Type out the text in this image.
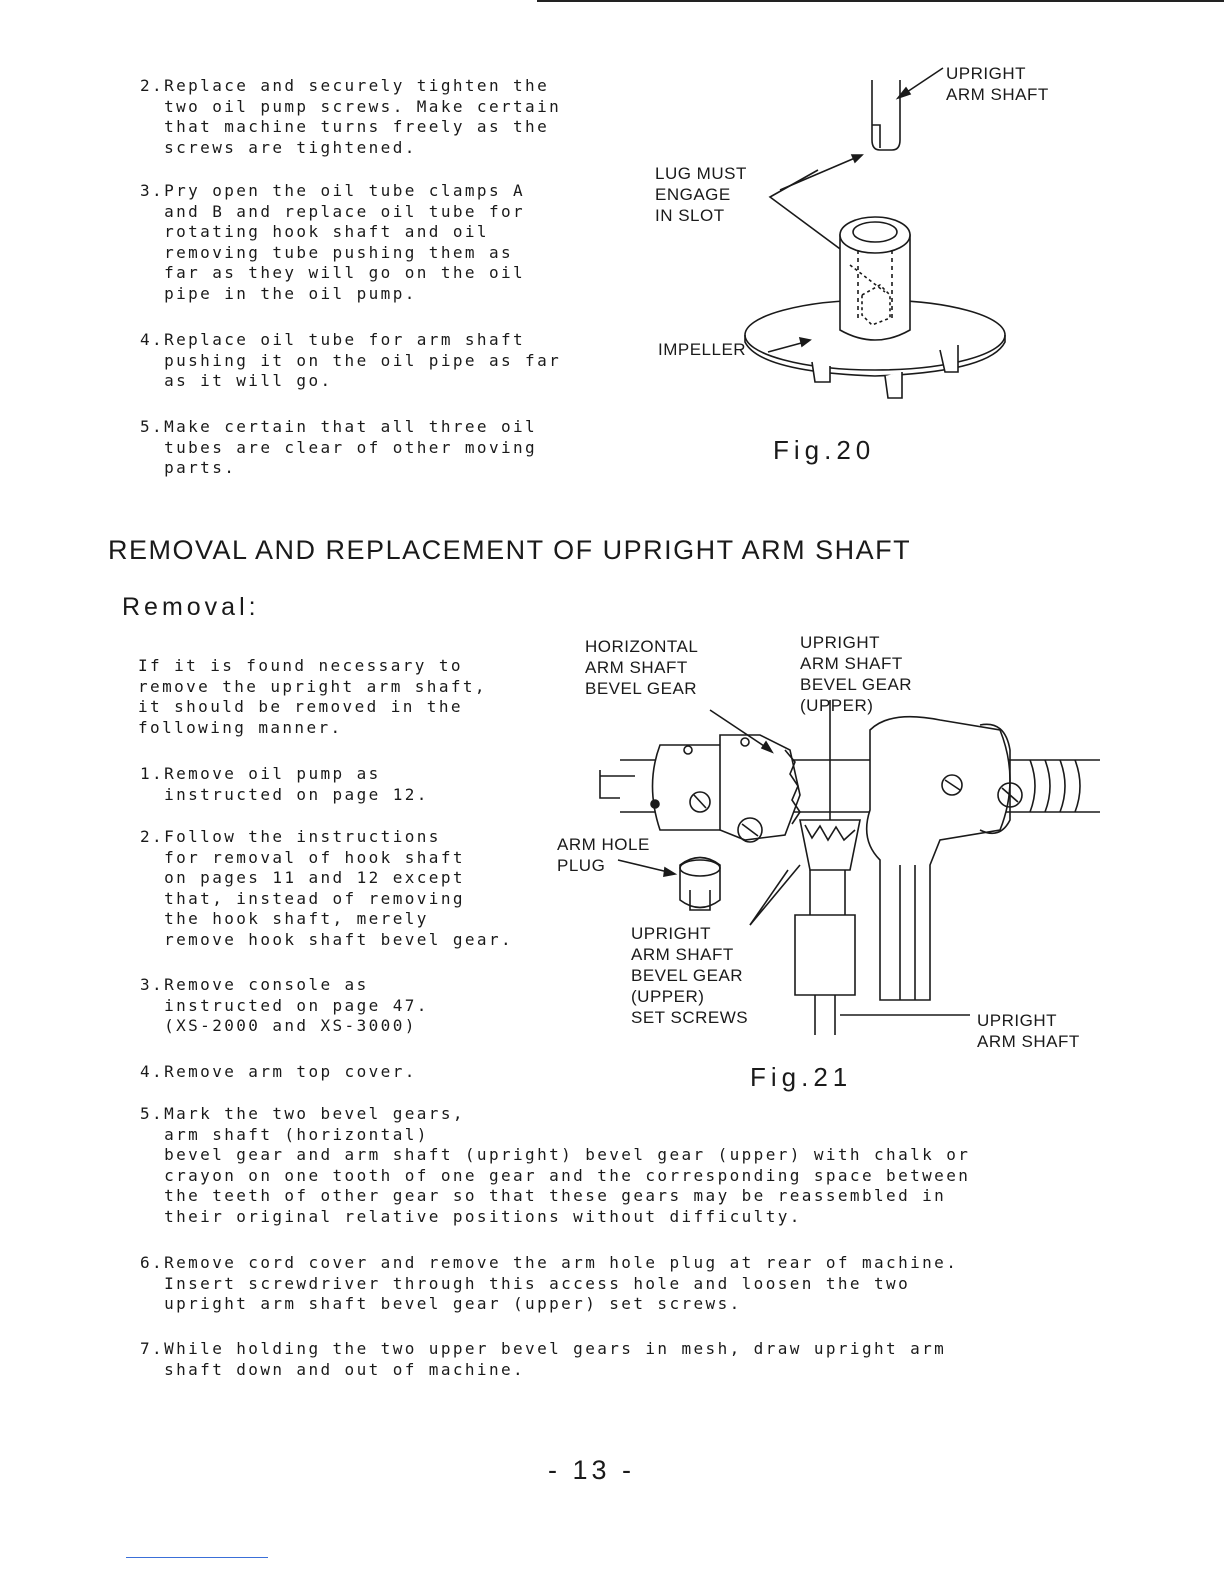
2.Replace and securely tighten the
two oil pump screws. Make certain
that machine turns freely as the
screws are tightened.

3.Pry open the oil tube clamps A
and B and replace oil tube for
rotating hook shaft and oil
removing tube pushing them as
far as they will go on the oil
pipe in the oil pump.

4.Replace oil tube for arm shaft
pushing it on the oil pipe as far
as it will go.

5.Make certain that all three oil
tubes are clear of other moving
parts.

UPRIGHT
ARM SHAFT
LUG MUST
ENGAGE
IN SLOT
IMPELLER
Fig.20
REMOVAL AND REPLACEMENT OF UPRIGHT ARM SHAFT
Removal:

If it is found necessary to
remove the upright arm shaft,
it should be removed in the
following manner.

1.Remove oil pump as
instructed on page 12.

2.Follow the instructions
for removal of hook shaft
on pages 11 and 12 except
that, instead of removing
the hook shaft, merely
remove hook shaft bevel gear.

3.Remove console as
instructed on page 47.
(XS-2000 and XS-3000)

4.Remove arm top cover.

5.Mark the two bevel gears,
arm shaft (horizontal)
bevel gear and arm shaft (upright) bevel gear (upper) with chalk or
crayon on one tooth of one gear and the corresponding space between
the teeth of other gear so that these gears may be reassembled in
their original relative positions without difficulty.

6.Remove cord cover and remove the arm hole plug at rear of machine.
Insert screwdriver through this access hole and loosen the two
upright arm shaft bevel gear (upper) set screws.

7.While holding the two upper bevel gears in mesh, draw upright arm
shaft down and out of machine.

HORIZONTAL
ARM SHAFT
BEVEL GEAR
UPRIGHT
ARM SHAFT
BEVEL GEAR
(UPPER)
ARM HOLE
PLUG
UPRIGHT
ARM SHAFT
BEVEL GEAR
(UPPER)
SET SCREWS	UPRIGHT
ARM SHAFT
Fig.21
- 13 -
